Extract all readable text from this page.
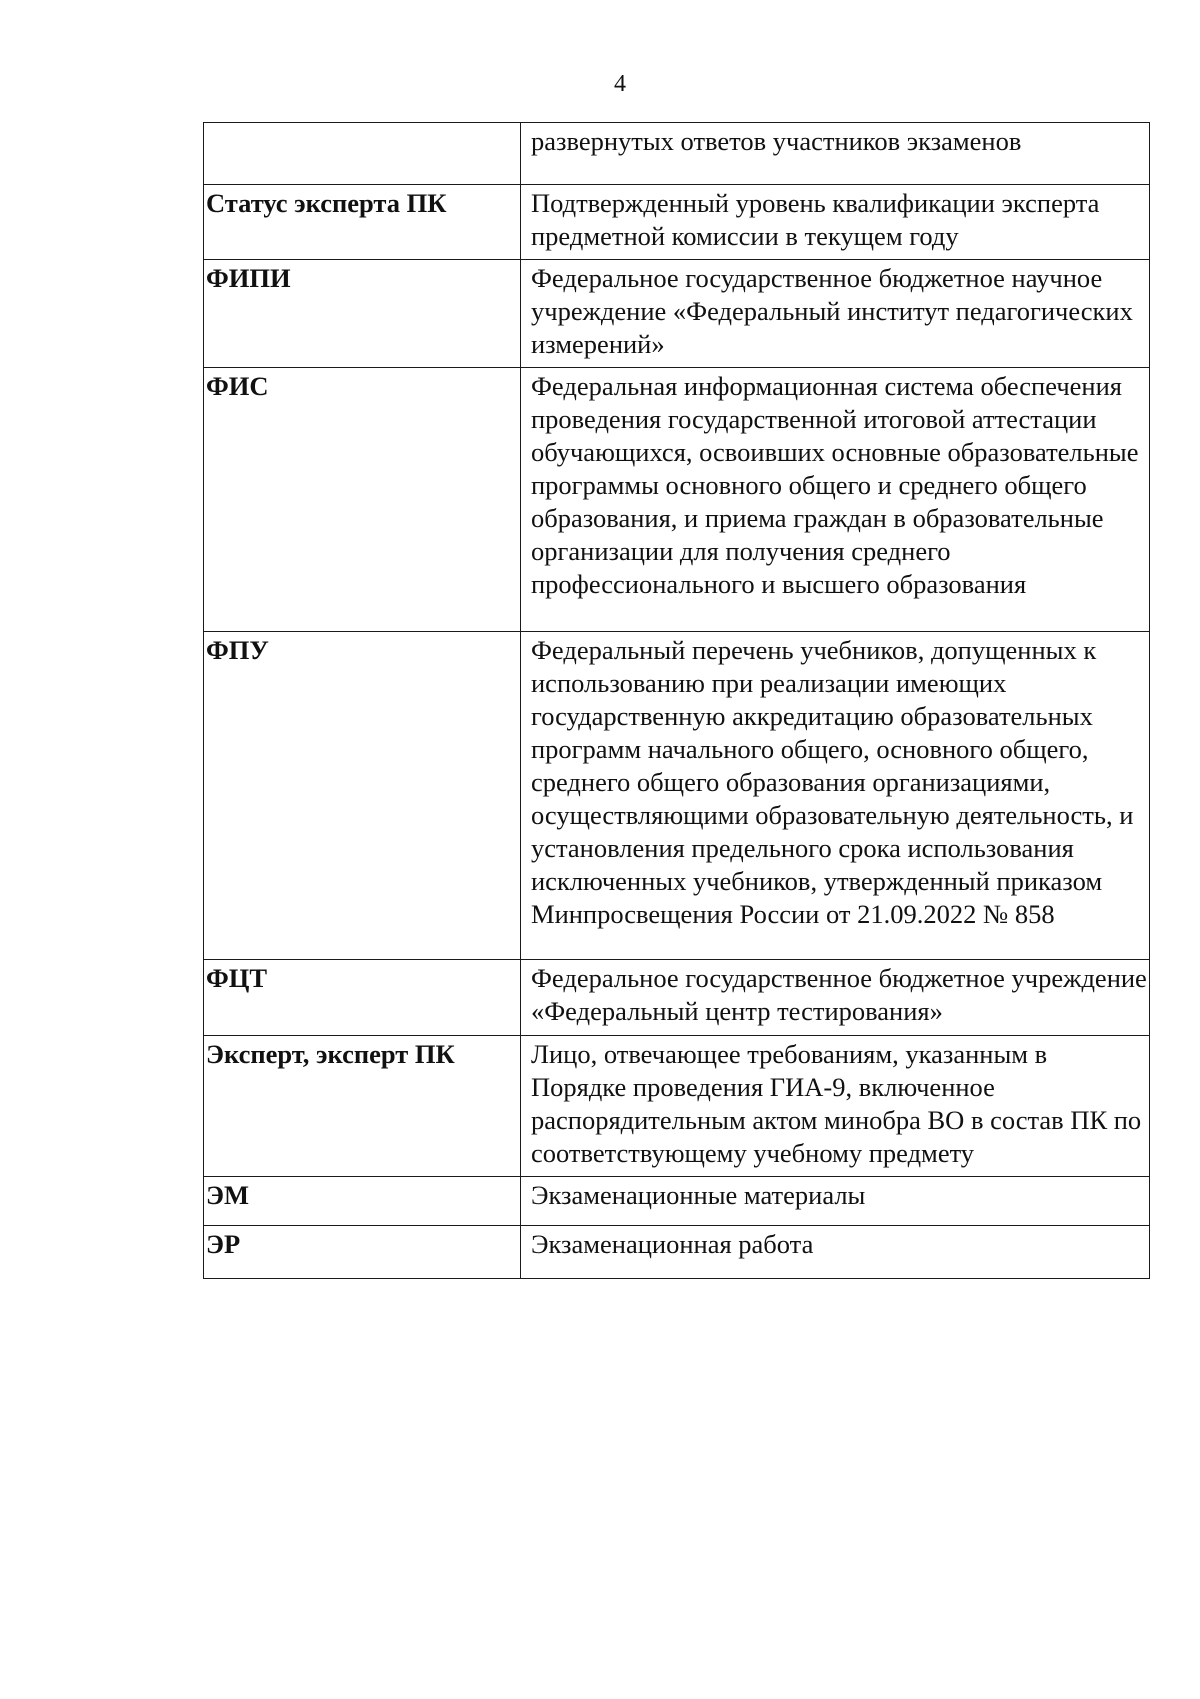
4
	развернутых ответов участников экзаменов
Статус эксперта ПК	Подтвержденный уровень квалификации эксперта предметной комиссии в текущем году
ФИПИ	Федеральное государственное бюджетное научное учреждение «Федеральный институт педагогических измерений»
ФИС	Федеральная информационная система обеспечения проведения государственной итоговой аттестации обучающихся, освоивших основные образовательные программы основного общего и среднего общего образования, и приема граждан в образовательные организации для получения среднего профессионального и высшего образования
ФПУ	Федеральный перечень учебников, допущенных к использованию при реализации имеющих государственную аккредитацию образовательных программ начального общего, основного общего, среднего общего образования организациями, осуществляющими образовательную деятельность, и установления предельного срока использования исключенных учебников, утвержденный приказом Минпросвещения России от 21.09.2022 № 858
ФЦТ	Федеральное государственное бюджетное учреждение «Федеральный центр тестирования»
Эксперт, эксперт ПК	Лицо, отвечающее требованиям, указанным в Порядке проведения ГИА-9, включенное распорядительным актом минобра ВО в состав ПК по соответствующему учебному предмету
ЭМ	Экзаменационные материалы
ЭР	Экзаменационная работа
